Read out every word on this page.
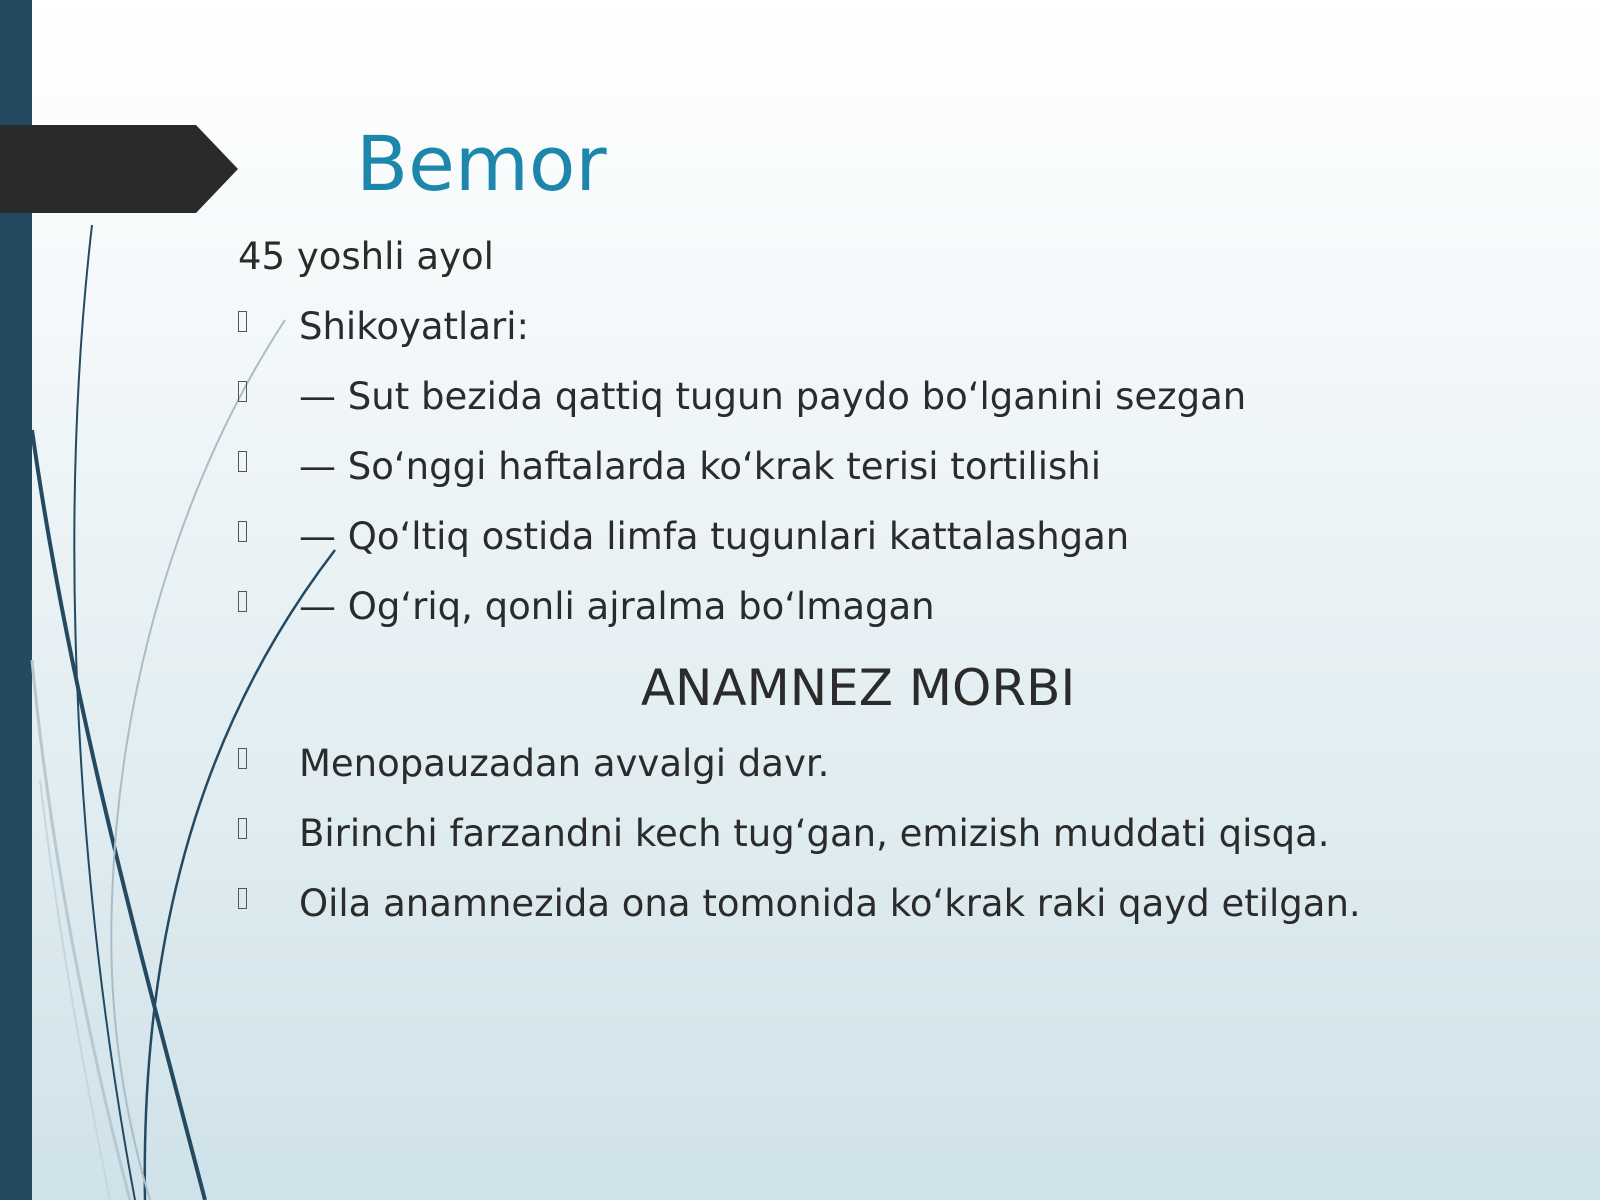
Bemor
45 yoshli ayol
Shikoyatlari:
— Sut bezida qattiq tugun paydo bo‘lganini sezgan
— So‘nggi haftalarda ko‘krak terisi tortilishi
— Qo‘ltiq ostida limfa tugunlari kattalashgan
— Og‘riq, qonli ajralma bo‘lmagan
ANAMNEZ MORBI
Menopauzadan avvalgi davr.
Birinchi farzandni kech tug‘gan, emizish muddati qisqa.
Oila anamnezida ona tomonida ko‘krak raki qayd etilgan.
